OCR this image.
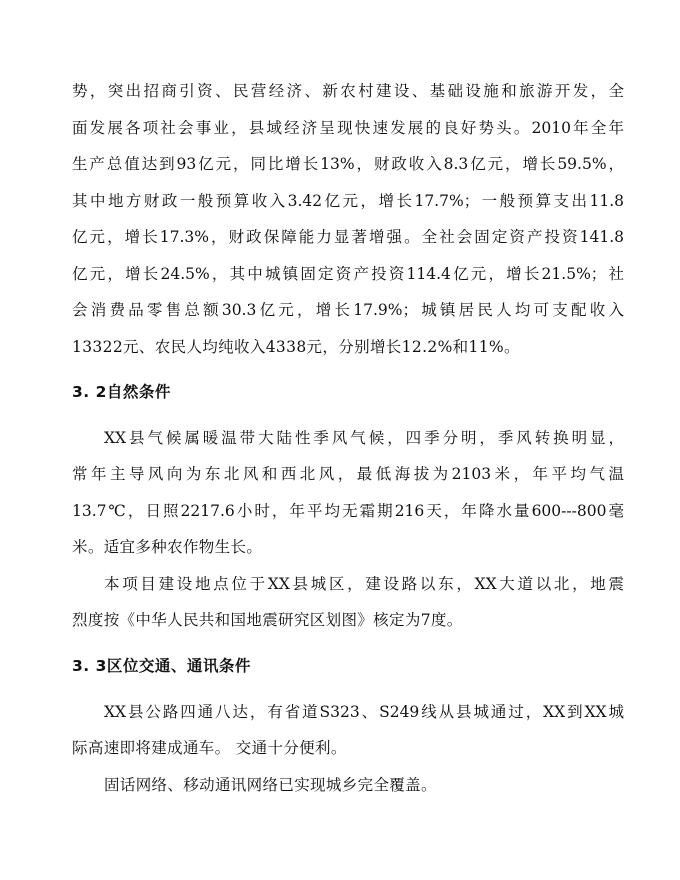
势，突出招商引资、民营经济、新农村建设、基础设施和旅游开发，全

面发展各项社会事业，县域经济呈现快速发展的良好势头。2010年全年

生产总值达到93亿元，同比增长13%，财政收入8.3亿元，增长59.5%，

其中地方财政一般预算收入3.42亿元，增长17.7%；一般预算支出11.8

亿元，增长17.3%，财政保障能力显著增强。全社会固定资产投资141.8

亿元，增长24.5%，其中城镇固定资产投资114.4亿元，增长21.5%；社

会消费品零售总额30.3亿元，增长17.9%；城镇居民人均可支配收入

13322元、农民人均纯收入4338元，分别增长12.2%和11%。

3. 2自然条件

XX县气候属暖温带大陆性季风气候，四季分明，季风转换明显，

常年主导风向为东北风和西北风，最低海拔为2103米，年平均气温

13.7℃，日照2217.6小时，年平均无霜期216天，年降水量600---800毫

米。适宜多种农作物生长。

本项目建设地点位于XX县城区，建设路以东，XX大道以北，地震

烈度按《中华人民共和国地震研究区划图》核定为7度。

3. 3区位交通、通讯条件

XX县公路四通八达，有省道S323、S249线从县城通过，XX到XX城

际高速即将建成通车。 交通十分便利。

固话网络、移动通讯网络已实现城乡完全覆盖。
